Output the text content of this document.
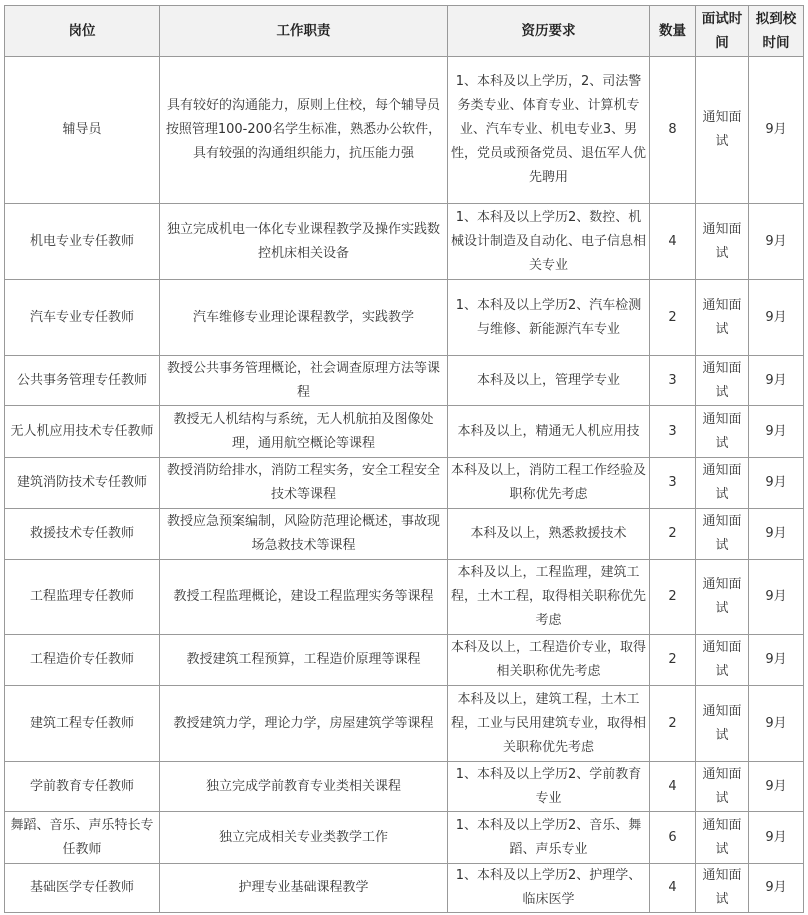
岗位	工作职责	资历要求	数量	面试时间	拟到校时间
辅导员	具有较好的沟通能力，原则上住校，每个辅导员按照管理100-200名学生标准，熟悉办公软件，具有较强的沟通组织能力，抗压能力强	1、本科及以上学历，2、司法警务类专业、体育专业、计算机专业、汽车专业、机电专业3、男性，党员或预备党员、退伍军人优先聘用	8	通知面试	9月
机电专业专任教师	独立完成机电一体化专业课程教学及操作实践数控机床相关设备	1、本科及以上学历2、数控、机械设计制造及自动化、电子信息相关专业	4	通知面试	9月
汽车专业专任教师	汽车维修专业理论课程教学，实践教学	1、本科及以上学历2、汽车检测与维修、新能源汽车专业	2	通知面试	9月
公共事务管理专任教师	教授公共事务管理概论，社会调查原理方法等课程	本科及以上，管理学专业	3	通知面试	9月
无人机应用技术专任教师	教授无人机结构与系统，无人机航拍及图像处理，通用航空概论等课程	本科及以上，精通无人机应用技	3	通知面试	9月
建筑消防技术专任教师	教授消防给排水，消防工程实务，安全工程安全技术等课程	本科及以上，消防工程工作经验及职称优先考虑	3	通知面试	9月
救援技术专任教师	教授应急预案编制，风险防范理论概述，事故现场急救技术等课程	本科及以上，熟悉救援技术	2	通知面试	9月
工程监理专任教师	教授工程监理概论，建设工程监理实务等课程	本科及以上，工程监理，建筑工程，土木工程，取得相关职称优先考虑	2	通知面试	9月
工程造价专任教师	教授建筑工程预算，工程造价原理等课程	本科及以上，工程造价专业，取得相关职称优先考虑	2	通知面试	9月
建筑工程专任教师	教授建筑力学，理论力学，房屋建筑学等课程	本科及以上，建筑工程，土木工程，工业与民用建筑专业，取得相关职称优先考虑	2	通知面试	9月
学前教育专任教师	独立完成学前教育专业类相关课程	1、本科及以上学历2、学前教育专业	4	通知面试	9月
舞蹈、音乐、声乐特长专任教师	独立完成相关专业类教学工作	1、本科及以上学历2、音乐、舞蹈、声乐专业	6	通知面试	9月
基础医学专任教师	护理专业基础课程教学	1、本科及以上学历2、护理学、临床医学	4	通知面试	9月
